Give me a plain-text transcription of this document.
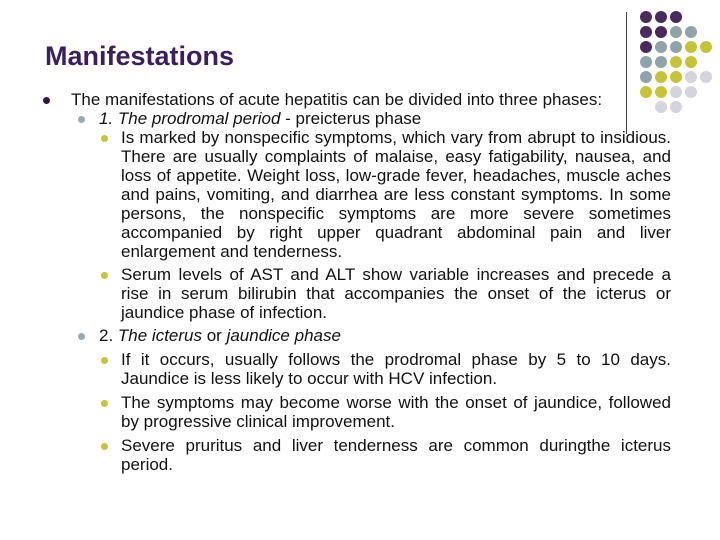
Manifestations
The manifestations of acute hepatitis can be divided into three phases:
1. The prodromal period - preicterus phase
Is marked by nonspecific symptoms, which vary from abrupt to insidious. There are usually complaints of malaise, easy fatigability, nausea, and loss of appetite. Weight loss, low-grade fever, headaches, muscle aches and pains, vomiting, and diarrhea are less constant symptoms. In some persons, the nonspecific symptoms are more severe sometimes accompanied by right upper quadrant abdominal pain and liver enlargement and tenderness.
Serum levels of AST and ALT show variable increases and precede a rise in serum bilirubin that accompanies the onset of the icterus or jaundice phase of infection.
2. The icterus or jaundice phase
If it occurs, usually follows the prodromal phase by 5 to 10 days. Jaundice is less likely to occur with HCV infection.
The symptoms may become worse with the onset of jaundice, followed by progressive clinical improvement.
Severe pruritus and liver tenderness are common duringthe icterus period.
